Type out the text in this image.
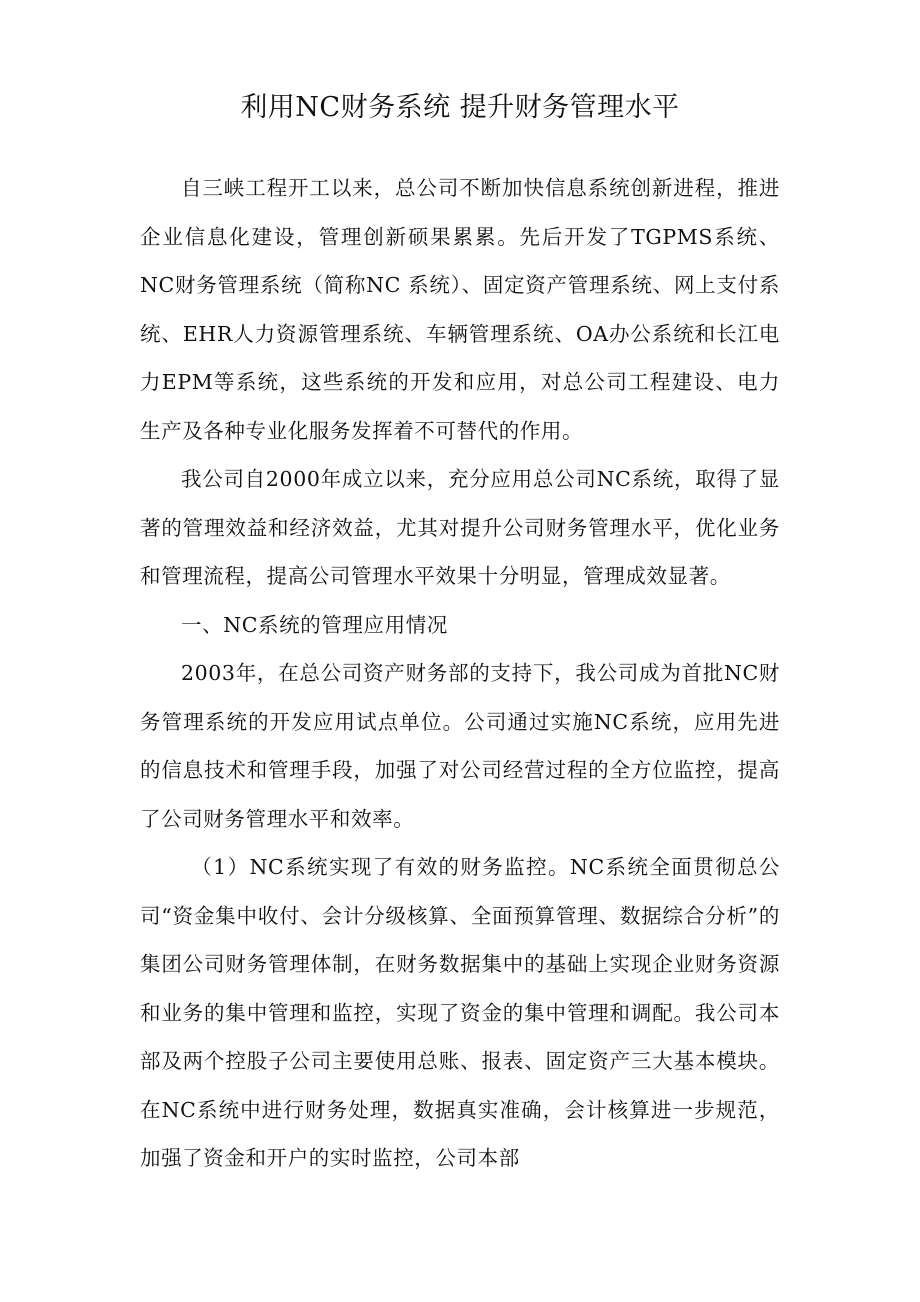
利用NC财务系统 提升财务管理水平

自三峡工程开工以来，总公司不断加快信息系统创新进程，推进企业信息化建设，管理创新硕果累累。先后开发了TGPMS系统、NC财务管理系统（简称NC 系统）、固定资产管理系统、网上支付系统、EHR人力资源管理系统、车辆管理系统、OA办公系统和长江电力EPM等系统，这些系统的开发和应用，对总公司工程建设、电力生产及各种专业化服务发挥着不可替代的作用。

我公司自2000年成立以来，充分应用总公司NC系统，取得了显著的管理效益和经济效益，尤其对提升公司财务管理水平，优化业务和管理流程，提高公司管理水平效果十分明显，管理成效显著。

一、NC系统的管理应用情况

2003年，在总公司资产财务部的支持下，我公司成为首批NC财务管理系统的开发应用试点单位。公司通过实施NC系统，应用先进的信息技术和管理手段，加强了对公司经营过程的全方位监控，提高了公司财务管理水平和效率。

（1）NC系统实现了有效的财务监控。NC系统全面贯彻总公司“资金集中收付、会计分级核算、全面预算管理、数据综合分析”的集团公司财务管理体制，在财务数据集中的基础上实现企业财务资源和业务的集中管理和监控，实现了资金的集中管理和调配。我公司本部及两个控股子公司主要使用总账、报表、固定资产三大基本模块。在NC系统中进行财务处理，数据真实准确，会计核算进一步规范，加强了资金和开户的实时监控，公司本部
